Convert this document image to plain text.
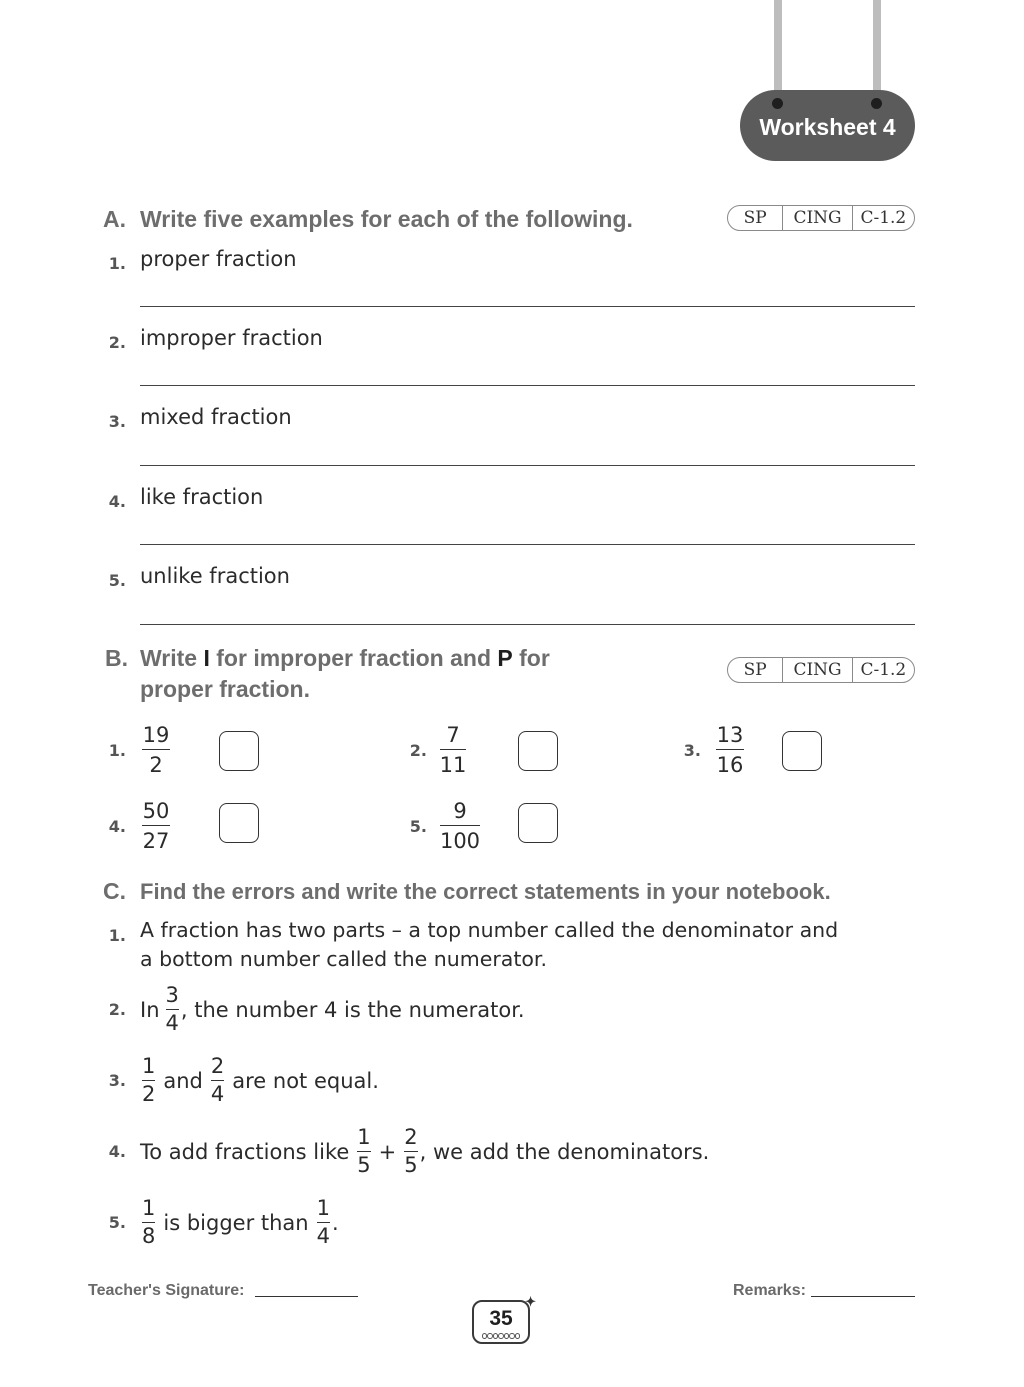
Worksheet 4
A. Write five examples for each of the following.	SP	CING	C-1.2
1. proper fraction
2. improper fraction
3. mixed fraction
4. like fraction
5. unlike fraction
B. Write I for improper fraction and P for
proper fraction.
SP	CING	C-1.2
1.
19
2
2.
7
11
3.
13
16
4.
50
27
5.
9
100
C. Find the errors and write the correct statements in your notebook.
1. A fraction has two parts – a top number called the denominator and
a bottom number called the numerator.
2. In $\frac{3}{4}$ , the number 4 is the numerator.
3. $\frac{1}{2}$ and $\frac{2}{4}$ are not equal.
4. To add fractions like $\frac{1}{5} + \frac{2}{5}$ , we add the denominators.
5. $\frac{1}{8}$ is bigger than $\frac{1}{4}$ .
Teacher's Signature:	Remarks:
35
✦
